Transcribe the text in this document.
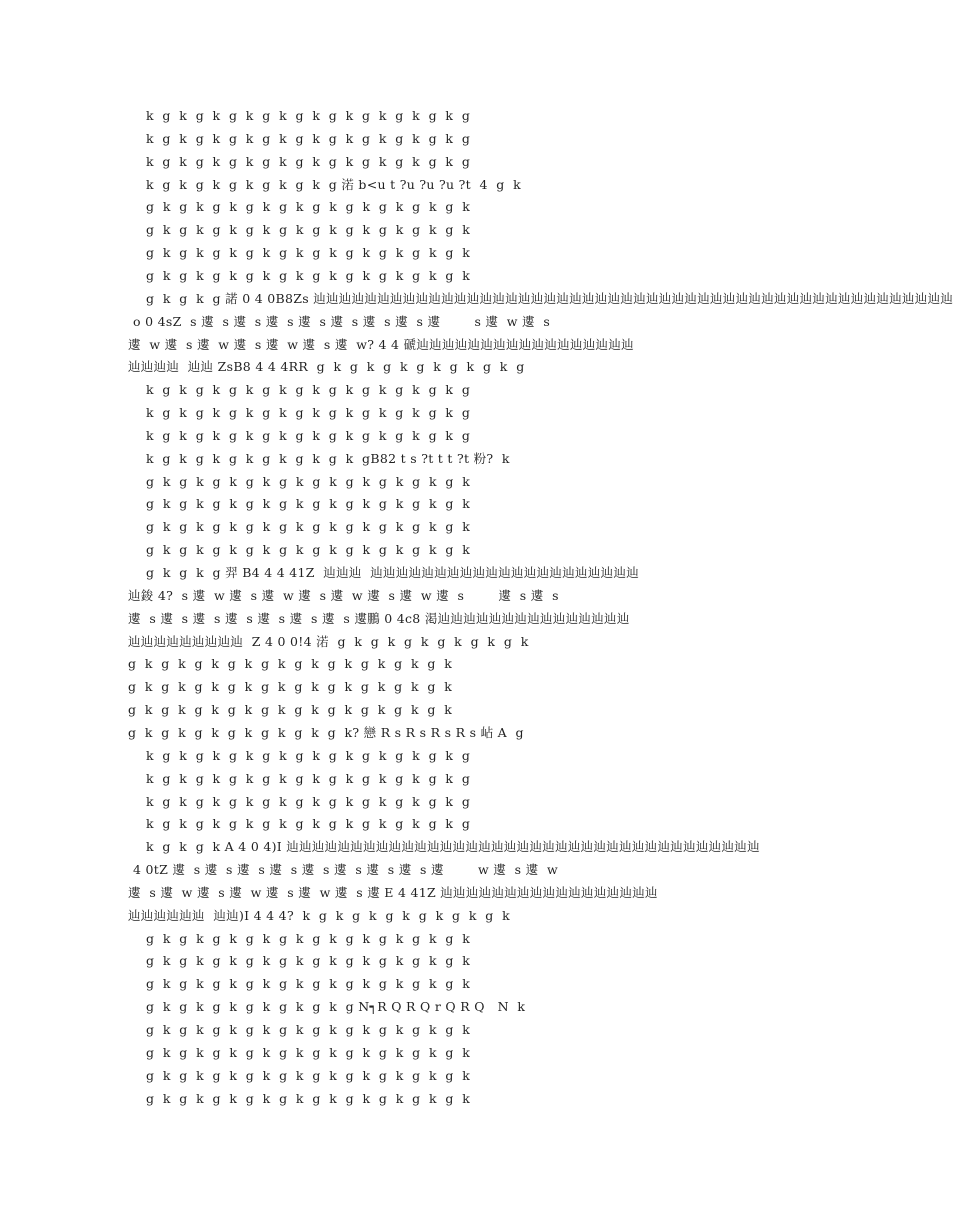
k  g  k  g  k  g  k  g  k  g  k  g  k  g  k  g  k  g  k  g
k  g  k  g  k  g  k  g  k  g  k  g  k  g  k  g  k  g  k  g
k  g  k  g  k  g  k  g  k  g  k  g  k  g  k  g  k  g  k  g
k  g  k  g  k  g  k  g  k  g  k  g 渃 b<u t ?u ?u ?u ?t  4  g  k
g  k  g  k  g  k  g  k  g  k  g  k  g  k  g  k  g  k  g  k
g  k  g  k  g  k  g  k  g  k  g  k  g  k  g  k  g  k  g  k
g  k  g  k  g  k  g  k  g  k  g  k  g  k  g  k  g  k  g  k
g  k  g  k  g  k  g  k  g  k  g  k  g  k  g  k  g  k  g  k
g  k  g  k  g 諾 0 4 0B8Zs 辿辿辿辿辿辿辿辿辿辿辿辿辿辿辿辿辿辿辿辿辿辿辿辿辿辿辿辿辿辿辿辿辿辿辿辿辿辿辿辿辿辿辿辿辿辿辿辿辿辿
o 0 4sZ  s 遱  s 遱  s 遱  s 遱  s 遱  s 遱  s 遱  s 遱        s 遱  w 遱  s
遱  w 遱  s 遱  w 遱  s 遱  w 遱  s 遱  w? 4 4 磃辿辿辿辿辿辿辿辿辿辿辿辿辿辿辿辿辿
辿辿辿辿  辿辿 ZsB8 4 4 4RR  g  k  g  k  g  k  g  k  g  k  g  k  g
k  g  k  g  k  g  k  g  k  g  k  g  k  g  k  g  k  g  k  g
k  g  k  g  k  g  k  g  k  g  k  g  k  g  k  g  k  g  k  g
k  g  k  g  k  g  k  g  k  g  k  g  k  g  k  g  k  g  k  g
k  g  k  g  k  g  k  g  k  g  k  g  k  gB82 t s ?t t t ?t 粉?  k
g  k  g  k  g  k  g  k  g  k  g  k  g  k  g  k  g  k  g  k
g  k  g  k  g  k  g  k  g  k  g  k  g  k  g  k  g  k  g  k
g  k  g  k  g  k  g  k  g  k  g  k  g  k  g  k  g  k  g  k
g  k  g  k  g  k  g  k  g  k  g  k  g  k  g  k  g  k  g  k
g  k  g  k  g 羿 B4 4 4 41Z  辿辿辿  辿辿辿辿辿辿辿辿辿辿辿辿辿辿辿辿辿辿辿辿辿
辿鋑 4?  s 遱  w 遱  s 遱  w 遱  s 遱  w 遱  s 遱  w 遱  s        遱  s 遱  s
遱  s 遱  s 遱  s 遱  s 遱  s 遱  s 遱  s 遱鵬 0 4c8 渇辿辿辿辿辿辿辿辿辿辿辿辿辿辿辿
辿辿辿辿辿辿辿辿辿  Z 4 0 0!4 渃  g  k  g  k  g  k  g  k  g  k  g  k
g  k  g  k  g  k  g  k  g  k  g  k  g  k  g  k  g  k  g  k
g  k  g  k  g  k  g  k  g  k  g  k  g  k  g  k  g  k  g  k
g  k  g  k  g  k  g  k  g  k  g  k  g  k  g  k  g  k  g  k
g  k  g  k  g  k  g  k  g  k  g  k  g  k? 戀 R s R s R s R s 岾 A  g
k  g  k  g  k  g  k  g  k  g  k  g  k  g  k  g  k  g  k  g
k  g  k  g  k  g  k  g  k  g  k  g  k  g  k  g  k  g  k  g
k  g  k  g  k  g  k  g  k  g  k  g  k  g  k  g  k  g  k  g
k  g  k  g  k  g  k  g  k  g  k  g  k  g  k  g  k  g  k  g
k  g  k  g  k A 4 0 4)I 辿辿辿辿辿辿辿辿辿辿辿辿辿辿辿辿辿辿辿辿辿辿辿辿辿辿辿辿辿辿辿辿辿辿辿辿辿
4 0tZ 遱  s 遱  s 遱  s 遱  s 遱  s 遱  s 遱  s 遱  s 遱        w 遱  s 遱  w
遱  s 遱  w 遱  s 遱  w 遱  s 遱  w 遱  s 遱 E 4 41Z 辿辿辿辿辿辿辿辿辿辿辿辿辿辿辿辿辿
辿辿辿辿辿辿  辿辿)I 4 4 4?  k  g  k  g  k  g  k  g  k  g  k  g  k
g  k  g  k  g  k  g  k  g  k  g  k  g  k  g  k  g  k  g  k
g  k  g  k  g  k  g  k  g  k  g  k  g  k  g  k  g  k  g  k
g  k  g  k  g  k  g  k  g  k  g  k  g  k  g  k  g  k  g  k
g  k  g  k  g  k  g  k  g  k  g  k  g N┑R Q R Q r Q R Q   N  k
g  k  g  k  g  k  g  k  g  k  g  k  g  k  g  k  g  k  g  k
g  k  g  k  g  k  g  k  g  k  g  k  g  k  g  k  g  k  g  k
g  k  g  k  g  k  g  k  g  k  g  k  g  k  g  k  g  k  g  k
g  k  g  k  g  k  g  k  g  k  g  k  g  k  g  k  g  k  g  k
